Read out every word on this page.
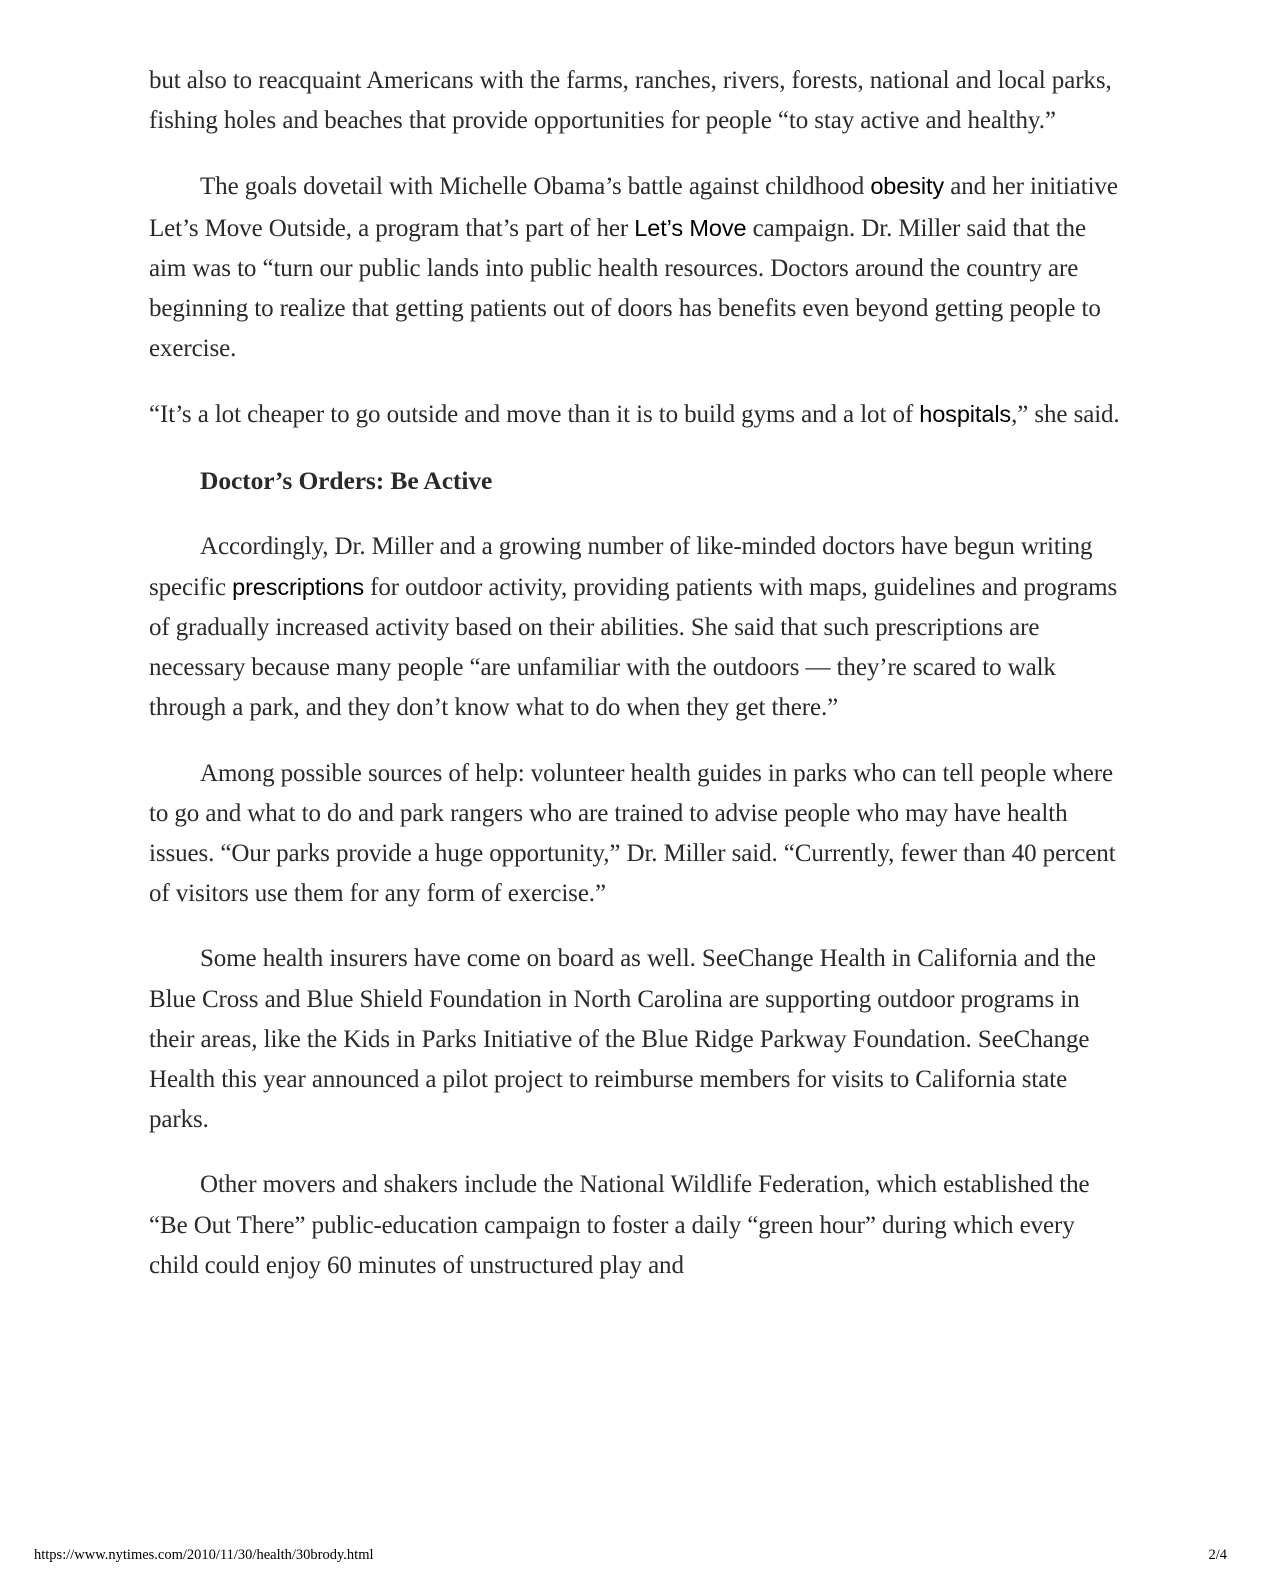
but also to reacquaint Americans with the farms, ranches, rivers, forests, national and local parks, fishing holes and beaches that provide opportunities for people “to stay active and healthy.”

The goals dovetail with Michelle Obama’s battle against childhood obesity and her initiative Let’s Move Outside, a program that’s part of her Let’s Move campaign. Dr. Miller said that the aim was to “turn our public lands into public health resources. Doctors around the country are beginning to realize that getting patients out of doors has benefits even beyond getting people to exercise.

“It’s a lot cheaper to go outside and move than it is to build gyms and a lot of hospitals,” she said.

Doctor’s Orders: Be Active

Accordingly, Dr. Miller and a growing number of like-minded doctors have begun writing specific prescriptions for outdoor activity, providing patients with maps, guidelines and programs of gradually increased activity based on their abilities. She said that such prescriptions are necessary because many people “are unfamiliar with the outdoors — they’re scared to walk through a park, and they don’t know what to do when they get there.”

Among possible sources of help: volunteer health guides in parks who can tell people where to go and what to do and park rangers who are trained to advise people who may have health issues. “Our parks provide a huge opportunity,” Dr. Miller said. “Currently, fewer than 40 percent of visitors use them for any form of exercise.”

Some health insurers have come on board as well. SeeChange Health in California and the Blue Cross and Blue Shield Foundation in North Carolina are supporting outdoor programs in their areas, like the Kids in Parks Initiative of the Blue Ridge Parkway Foundation. SeeChange Health this year announced a pilot project to reimburse members for visits to California state parks.

Other movers and shakers include the National Wildlife Federation, which established the “Be Out There” public-education campaign to foster a daily “green hour” during which every child could enjoy 60 minutes of unstructured play and

https://www.nytimes.com/2010/11/30/health/30brody.html	2/4
